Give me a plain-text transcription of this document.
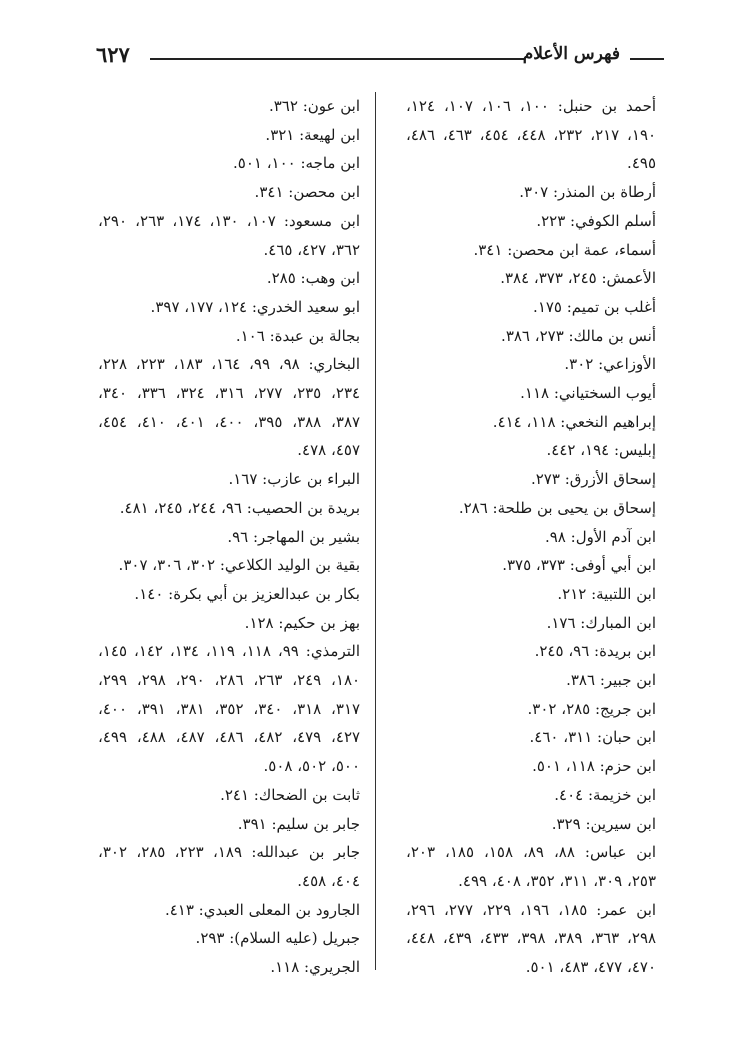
٦٢٧	فهرس الأعلام
أحمد بن حنبل: ١٠٠، ١٠٦، ١٠٧، ١٢٤، ١٩٠، ٢١٧، ٢٣٢، ٤٤٨، ٤٥٤، ٤٦٣، ٤٨٦، ٤٩٥.
أرطاة بن المنذر: ٣٠٧.
أسلم الكوفي: ٢٢٣.
أسماء، عمة ابن محصن: ٣٤١.
الأعمش: ٢٤٥، ٣٧٣، ٣٨٤.
أغلب بن تميم: ١٧٥.
أنس بن مالك: ٢٧٣، ٣٨٦.
الأوزاعي: ٣٠٢.
أيوب السختياني: ١١٨.
إبراهيم النخعي: ١١٨، ٤١٤.
إبليس: ١٩٤، ٤٤٢.
إسحاق الأزرق: ٢٧٣.
إسحاق بن يحيى بن طلحة: ٢٨٦.
ابن آدم الأول: ٩٨.
ابن أبي أوفى: ٣٧٣، ٣٧٥.
ابن اللتبية: ٢١٢.
ابن المبارك: ١٧٦.
ابن بريدة: ٩٦، ٢٤٥.
ابن جبير: ٣٨٦.
ابن جريج: ٢٨٥، ٣٠٢.
ابن حبان: ٣١١، ٤٦٠.
ابن حزم: ١١٨، ٥٠١.
ابن خزيمة: ٤٠٤.
ابن سيرين: ٣٢٩.
ابن عباس: ٨٨، ٨٩، ١٥٨، ١٨٥، ٢٠٣، ٢٥٣، ٣٠٩، ٣١١، ٣٥٢، ٤٠٨، ٤٩٩.
ابن عمر: ١٨٥، ١٩٦، ٢٢٩، ٢٧٧، ٢٩٦، ٢٩٨، ٣٦٣، ٣٨٩، ٣٩٨، ٤٣٣، ٤٣٩، ٤٤٨، ٤٧٠، ٤٧٧، ٤٨٣، ٥٠١.
ابن عون: ٣٦٢.
ابن لهيعة: ٣٢١.
ابن ماجه: ١٠٠، ٥٠١.
ابن محصن: ٣٤١.
ابن مسعود: ١٠٧، ١٣٠، ١٧٤، ٢٦٣، ٢٩٠، ٣٦٢، ٤٢٧، ٤٦٥.
ابن وهب: ٢٨٥.
ابو سعيد الخدري: ١٢٤، ١٧٧، ٣٩٧.
بجالة بن عبدة: ١٠٦.
البخاري: ٩٨، ٩٩، ١٦٤، ١٨٣، ٢٢٣، ٢٢٨، ٢٣٤، ٢٣٥، ٢٧٧، ٣١٦، ٣٢٤، ٣٣٦، ٣٤٠، ٣٨٧، ٣٨٨، ٣٩٥، ٤٠٠، ٤٠١، ٤١٠، ٤٥٤، ٤٥٧، ٤٧٨.
البراء بن عازب: ١٦٧.
بريدة بن الحصيب: ٩٦، ٢٤٤، ٢٤٥، ٤٨١.
بشير بن المهاجر: ٩٦.
بقية بن الوليد الكلاعي: ٣٠٢، ٣٠٦، ٣٠٧.
بكار بن عبدالعزيز بن أبي بكرة: ١٤٠.
بهز بن حكيم: ١٢٨.
الترمذي: ٩٩، ١١٨، ١١٩، ١٣٤، ١٤٢، ١٤٥، ١٨٠، ٢٤٩، ٢٦٣، ٢٨٦، ٢٩٠، ٢٩٨، ٢٩٩، ٣١٧، ٣١٨، ٣٤٠، ٣٥٢، ٣٨١، ٣٩١، ٤٠٠، ٤٢٧، ٤٧٩، ٤٨٢، ٤٨٦، ٤٨٧، ٤٨٨، ٤٩٩، ٥٠٠، ٥٠٢، ٥٠٨.
ثابت بن الضحاك: ٢٤١.
جابر بن سليم: ٣٩١.
جابر بن عبدالله: ١٨٩، ٢٢٣، ٢٨٥، ٣٠٢، ٤٠٤، ٤٥٨.
الجارود بن المعلى العبدي: ٤١٣.
جبريل (عليه السلام): ٢٩٣.
الجريري: ١١٨.
